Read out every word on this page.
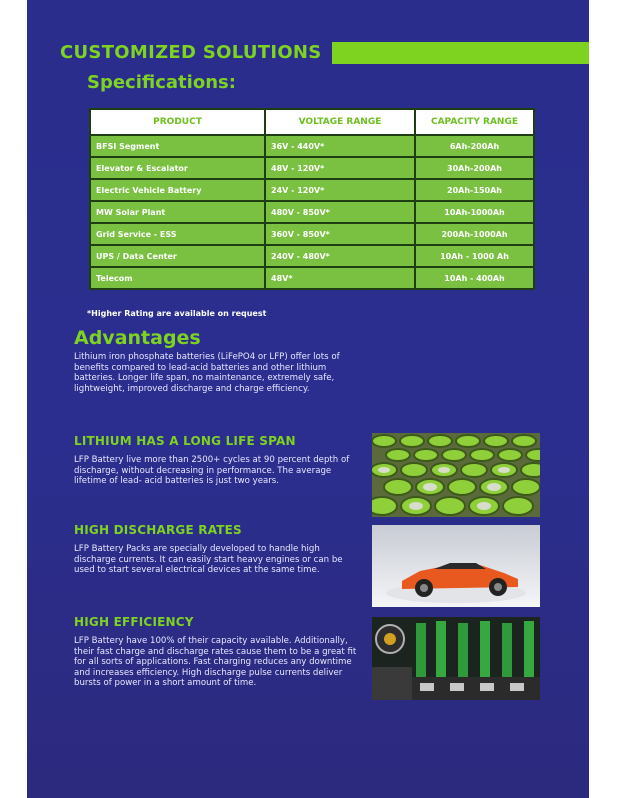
CUSTOMIZED SOLUTIONS
Specifications:
PRODUCT	VOLTAGE RANGE	CAPACITY RANGE
BFSI Segment	36V - 440V*	6Ah-200Ah
Elevator & Escalator	48V - 120V*	30Ah-200Ah
Electric Vehicle Battery	24V - 120V*	20Ah-150Ah
MW Solar Plant	480V - 850V*	10Ah-1000Ah
Grid Service - ESS	360V - 850V*	200Ah-1000Ah
UPS / Data Center	240V - 480V*	10Ah - 1000 Ah
Telecom	48V*	10Ah - 400Ah
*Higher Rating are available on request
Advantages
Lithium iron phosphate batteries (LiFePO4 or LFP) offer lots of benefits compared to lead-acid batteries and other lithium batteries. Longer life span, no maintenance, extremely safe, lightweight, improved discharge and charge efficiency.
LITHIUM HAS A LONG LIFE SPAN
LFP Battery live more than 2500+ cycles at 90 percent depth of discharge, without decreasing in performance. The average lifetime of lead- acid batteries is just two years.
HIGH DISCHARGE RATES
LFP Battery Packs are specially developed to handle high discharge currents. It can easily start heavy engines or can be used to start several electrical devices at the same time.
HIGH EFFICIENCY
LFP Battery have 100% of their capacity available. Additionally, their fast charge and discharge rates cause them to be a great fit for all sorts of applications. Fast charging reduces any downtime and increases efficiency. High discharge pulse currents deliver bursts of power in a short amount of time.
